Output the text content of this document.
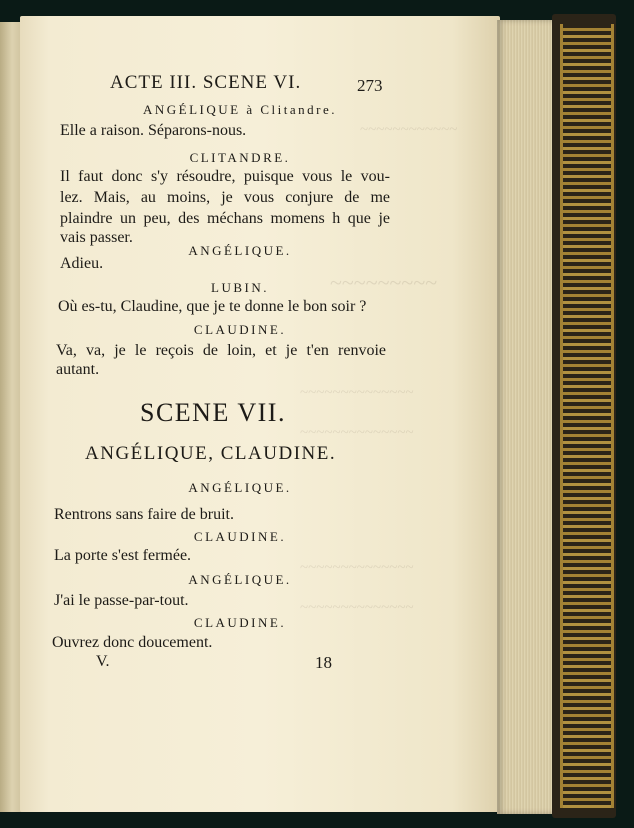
~~~~~~~~~~~~
~~~~~~~~~
~~~~~~~~~~~~~~
~~~~~~~~~~~~~~
~~~~~~~~~~~~~~
~~~~~~~~~~~~~~
ACTE III. SCENE VI.	273
ANGÉLIQUE à Clitandre.
Elle a raison. Séparons-nous.
CLITANDRE.
Il faut donc s'y résoudre, puisque vous le vou-
lez. Mais, au moins, je vous conjure de me
plaindre un peu, des méchans momens h que je
vais passer.
ANGÉLIQUE.
Adieu.
LUBIN.
Où es-tu, Claudine, que je te donne le bon soir ?
CLAUDINE.
Va, va, je le reçois de loin, et je t'en renvoie
autant.
SCENE VII.
ANGÉLIQUE, CLAUDINE.
ANGÉLIQUE.
Rentrons sans faire de bruit.
CLAUDINE.
La porte s'est fermée.
ANGÉLIQUE.
J'ai le passe-par-tout.
CLAUDINE.
Ouvrez donc doucement.
V.	18
